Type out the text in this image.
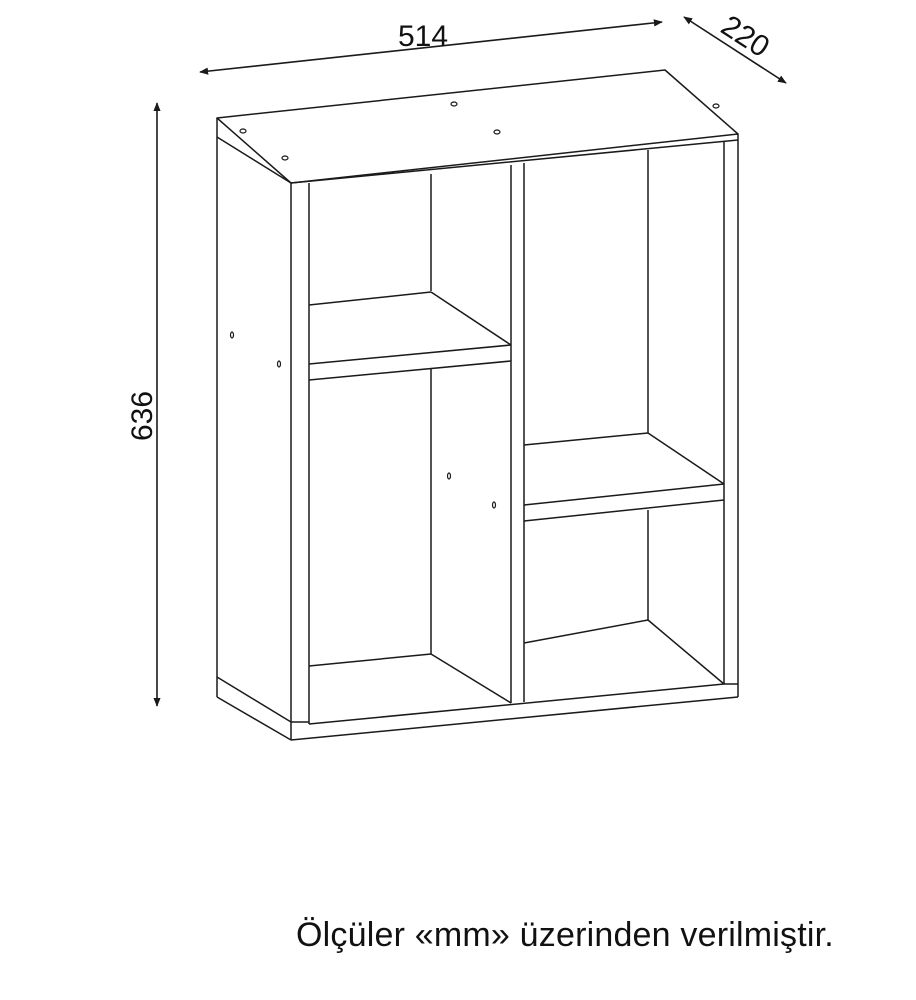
514	220
636
Ölçüler «mm» üzerinden verilmiştir.
